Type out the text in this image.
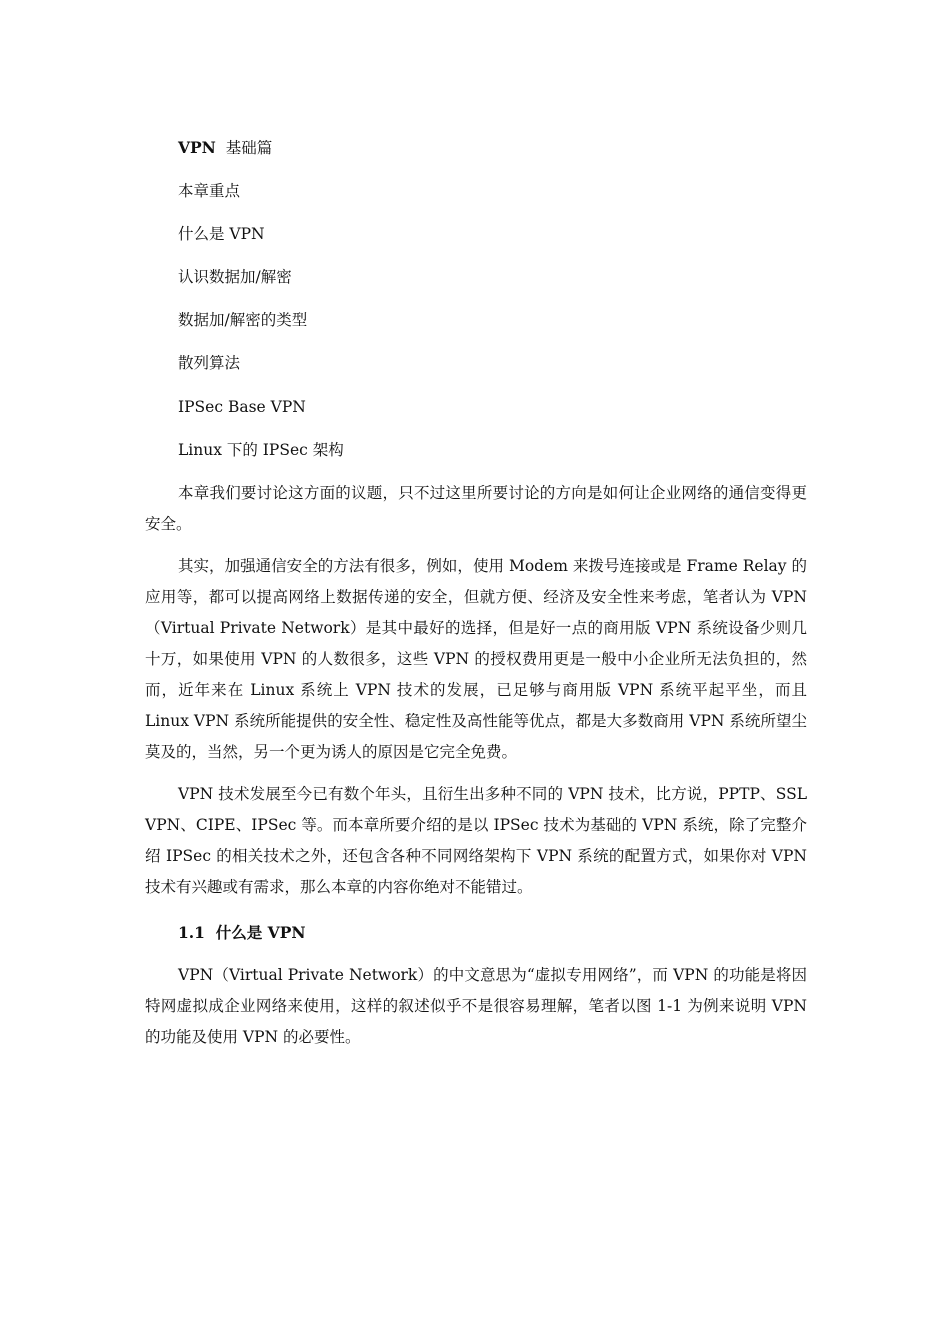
VPN 基础篇
本章重点
什么是 VPN
认识数据加/解密
数据加/解密的类型
散列算法
IPSec Base VPN
Linux 下的 IPSec 架构

本章我们要讨论这方面的议题，只不过这里所要讨论的方向是如何让企业网络的通信变得更安全。

其实，加强通信安全的方法有很多，例如，使用 Modem 来拨号连接或是 Frame Relay 的应用等，都可以提高网络上数据传递的安全，但就方便、经济及安全性来考虑，笔者认为 VPN（Virtual Private Network）是其中最好的选择，但是好一点的商用版 VPN 系统设备少则几十万，如果使用 VPN 的人数很多，这些 VPN 的授权费用更是一般中小企业所无法负担的，然而，近年来在 Linux 系统上 VPN 技术的发展，已足够与商用版 VPN 系统平起平坐，而且 Linux VPN 系统所能提供的安全性、稳定性及高性能等优点，都是大多数商用 VPN 系统所望尘莫及的，当然，另一个更为诱人的原因是它完全免费。

VPN 技术发展至今已有数个年头，且衍生出多种不同的 VPN 技术，比方说，PPTP、SSL VPN、CIPE、IPSec 等。而本章所要介绍的是以 IPSec 技术为基础的 VPN 系统，除了完整介绍 IPSec 的相关技术之外，还包含各种不同网络架构下 VPN 系统的配置方式，如果你对 VPN 技术有兴趣或有需求，那么本章的内容你绝对不能错过。

1.1 什么是 VPN

VPN（Virtual Private Network）的中文意思为“虚拟专用网络”，而 VPN 的功能是将因特网虚拟成企业网络来使用，这样的叙述似乎不是很容易理解，笔者以图 1-1 为例来说明 VPN 的功能及使用 VPN 的必要性。
